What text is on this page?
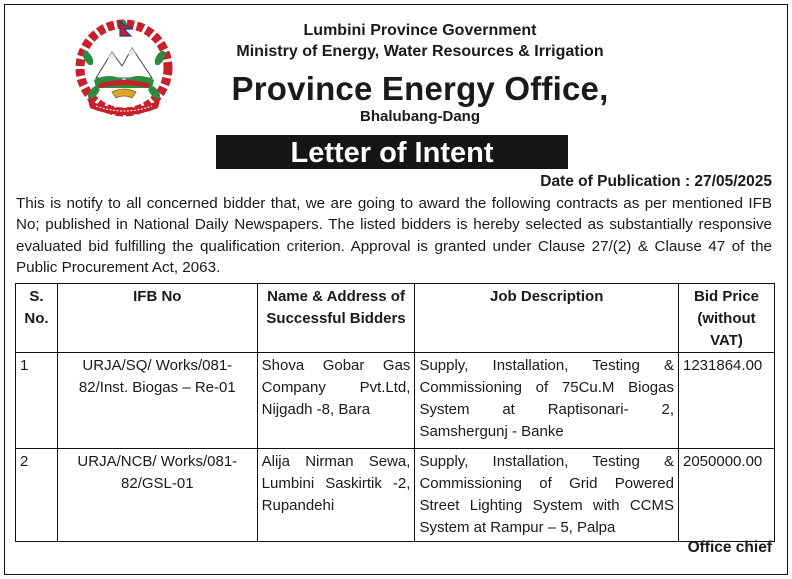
Lumbini Province Government
Ministry of Energy, Water Resources & Irrigation
Province Energy Office,
Bhalubang-Dang
Letter of Intent
Date of Publication : 27/05/2025

This is notify to all concerned bidder that, we are going to award the following contracts as per mentioned IFB No; published in National Daily Newspapers. The listed bidders is hereby selected as substantially responsive evaluated bid fulfilling the qualification criterion. Approval is granted under Clause 27/(2) & Clause 47 of the Public Procurement Act, 2063.

S. No.	IFB No	Name & Address of Successful Bidders	Job Description	Bid Price (without VAT)
1	URJA/SQ/ Works/081-82/Inst. Biogas – Re-01	Shova Gobar Gas Company Pvt.Ltd, Nijgadh -8, Bara	Supply, Installation, Testing & Commissioning of 75Cu.M Biogas System at Raptisonari- 2, Samshergunj - Banke	1231864.00
2	URJA/NCB/ Works/081-82/GSL-01	Alija Nirman Sewa, Lumbini Saskirtik -2, Rupandehi	Supply, Installation, Testing & Commissioning of Grid Powered Street Lighting System with CCMS System at Rampur – 5, Palpa	2050000.00
Office chief
